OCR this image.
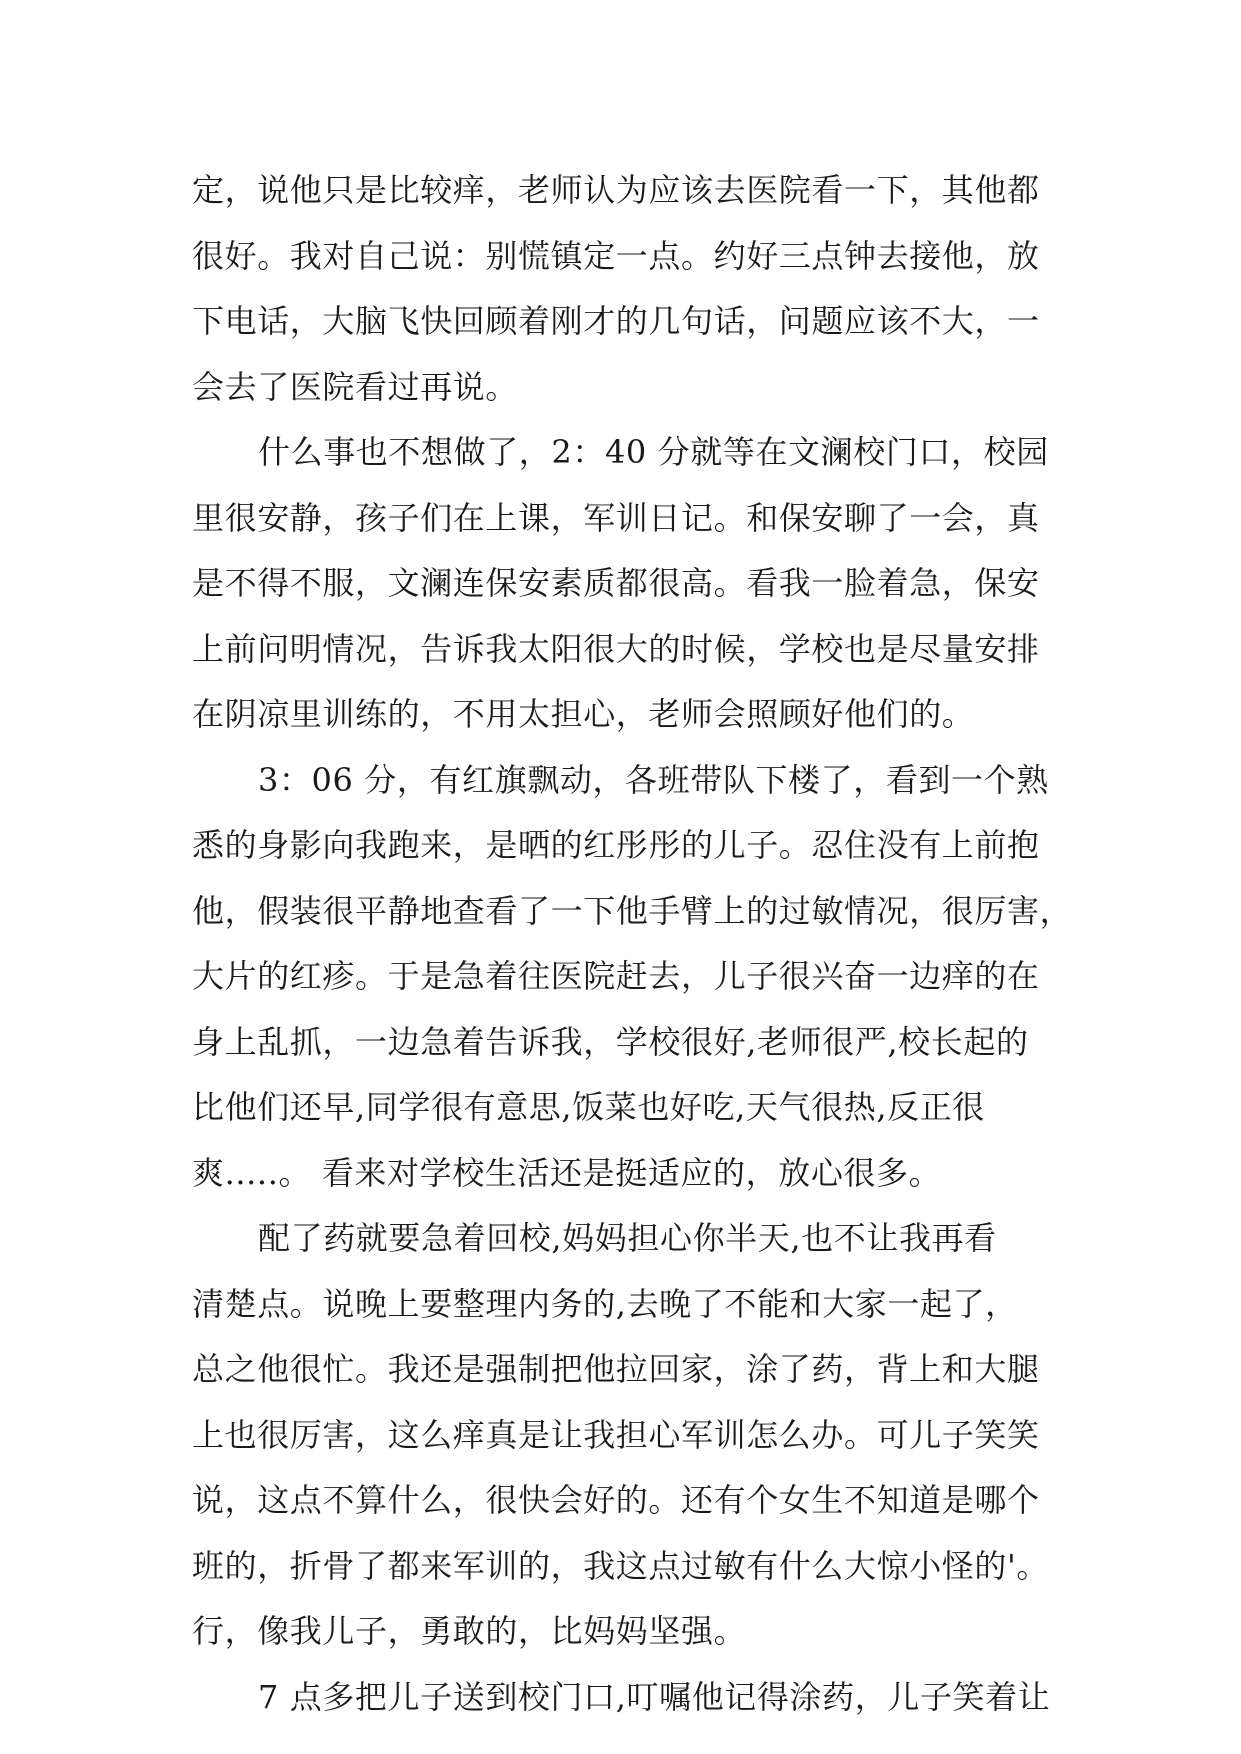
定，说他只是比较痒，老师认为应该去医院看一下，其他都
很好。我对自己说：别慌镇定一点。约好三点钟去接他，放
下电话，大脑飞快回顾着刚才的几句话，问题应该不大，一
会去了医院看过再说。
什么事也不想做了，2：40 分就等在文澜校门口，校园
里很安静，孩子们在上课，军训日记。和保安聊了一会，真
是不得不服，文澜连保安素质都很高。看我一脸着急，保安
上前问明情况，告诉我太阳很大的时候，学校也是尽量安排
在阴凉里训练的，不用太担心，老师会照顾好他们的。
3：06 分，有红旗飘动，各班带队下楼了，看到一个熟
悉的身影向我跑来，是晒的红彤彤的儿子。忍住没有上前抱
他，假装很平静地查看了一下他手臂上的过敏情况，很厉害，
大片的红疹。于是急着往医院赶去，儿子很兴奋一边痒的在
身上乱抓，一边急着告诉我，学校很好,老师很严,校长起的
比他们还早,同学很有意思,饭菜也好吃,天气很热,反正很
爽.....。 看来对学校生活还是挺适应的，放心很多。
配了药就要急着回校,妈妈担心你半天,也不让我再看
清楚点。说晚上要整理内务的,去晚了不能和大家一起了，
总之他很忙。我还是强制把他拉回家，涂了药，背上和大腿
上也很厉害，这么痒真是让我担心军训怎么办。可儿子笑笑
说，这点不算什么，很快会好的。还有个女生不知道是哪个
班的，折骨了都来军训的，我这点过敏有什么大惊小怪的'。
行，像我儿子，勇敢的，比妈妈坚强。
7 点多把儿子送到校门口,叮嘱他记得涂药，儿子笑着让
